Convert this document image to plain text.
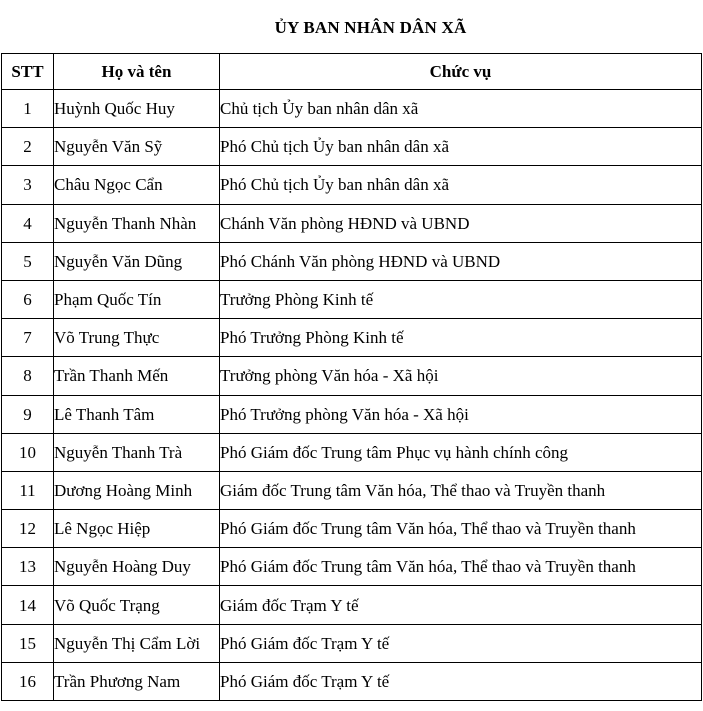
ỦY BAN NHÂN DÂN XÃ
STT	Họ và tên	Chức vụ
1	Huỳnh Quốc Huy	Chủ tịch Ủy ban nhân dân xã
2	Nguyễn Văn Sỹ	Phó Chủ tịch Ủy ban nhân dân xã
3	Châu Ngọc Cẩn	Phó Chủ tịch Ủy ban nhân dân xã
4	Nguyễn Thanh Nhàn	Chánh Văn phòng HĐND và UBND
5	Nguyễn Văn Dũng	Phó Chánh Văn phòng HĐND và UBND
6	Phạm Quốc Tín	Trưởng Phòng Kinh tế
7	Võ Trung Thực	Phó Trưởng Phòng Kinh tế
8	Trần Thanh Mến	Trưởng phòng Văn hóa - Xã hội
9	Lê Thanh Tâm	Phó Trưởng phòng Văn hóa - Xã hội
10	Nguyễn Thanh Trà	Phó Giám đốc Trung tâm Phục vụ hành chính công
11	Dương Hoàng Minh	Giám đốc Trung tâm Văn hóa, Thể thao và Truyền thanh
12	Lê Ngọc Hiệp	Phó Giám đốc Trung tâm Văn hóa, Thể thao và Truyền thanh
13	Nguyễn Hoàng Duy	Phó Giám đốc Trung tâm Văn hóa, Thể thao và Truyền thanh
14	Võ Quốc Trạng	Giám đốc Trạm Y tế
15	Nguyễn Thị Cẩm Lời	Phó Giám đốc Trạm Y tế
16	Trần Phương Nam	Phó Giám đốc Trạm Y tế
